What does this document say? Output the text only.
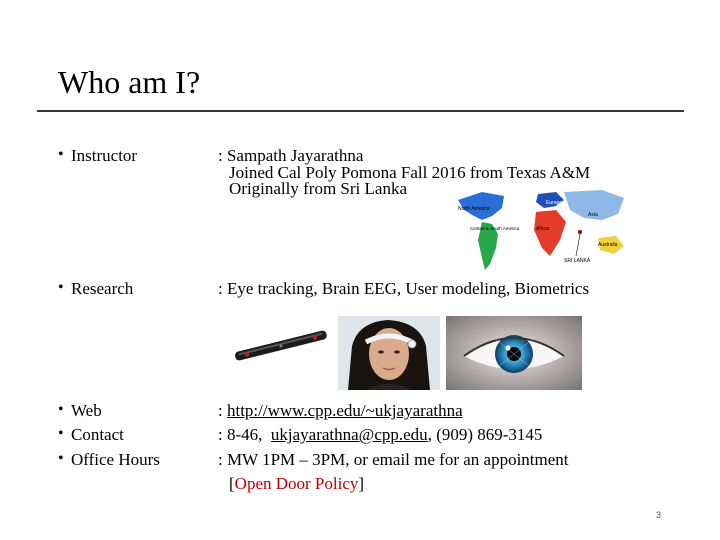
Who am I?
• Instructor	: Sampath Jayarathna
Joined Cal Poly Pomona Fall 2016 from Texas A&M
Originally from Sri Lanka
North America
Europe
Asia
Africa
Central & South America
Australia
SRI LANKA
• Research	: Eye tracking, Brain EEG, User modeling, Biometrics
• Web
• Contact
• Office Hours
: http://www.cpp.edu/~ukjayarathna
: 8-46,  ukjayarathna@cpp.edu, (909) 869-3145
: MW 1PM – 3PM, or email me for an appointment
[Open Door Policy]
3
